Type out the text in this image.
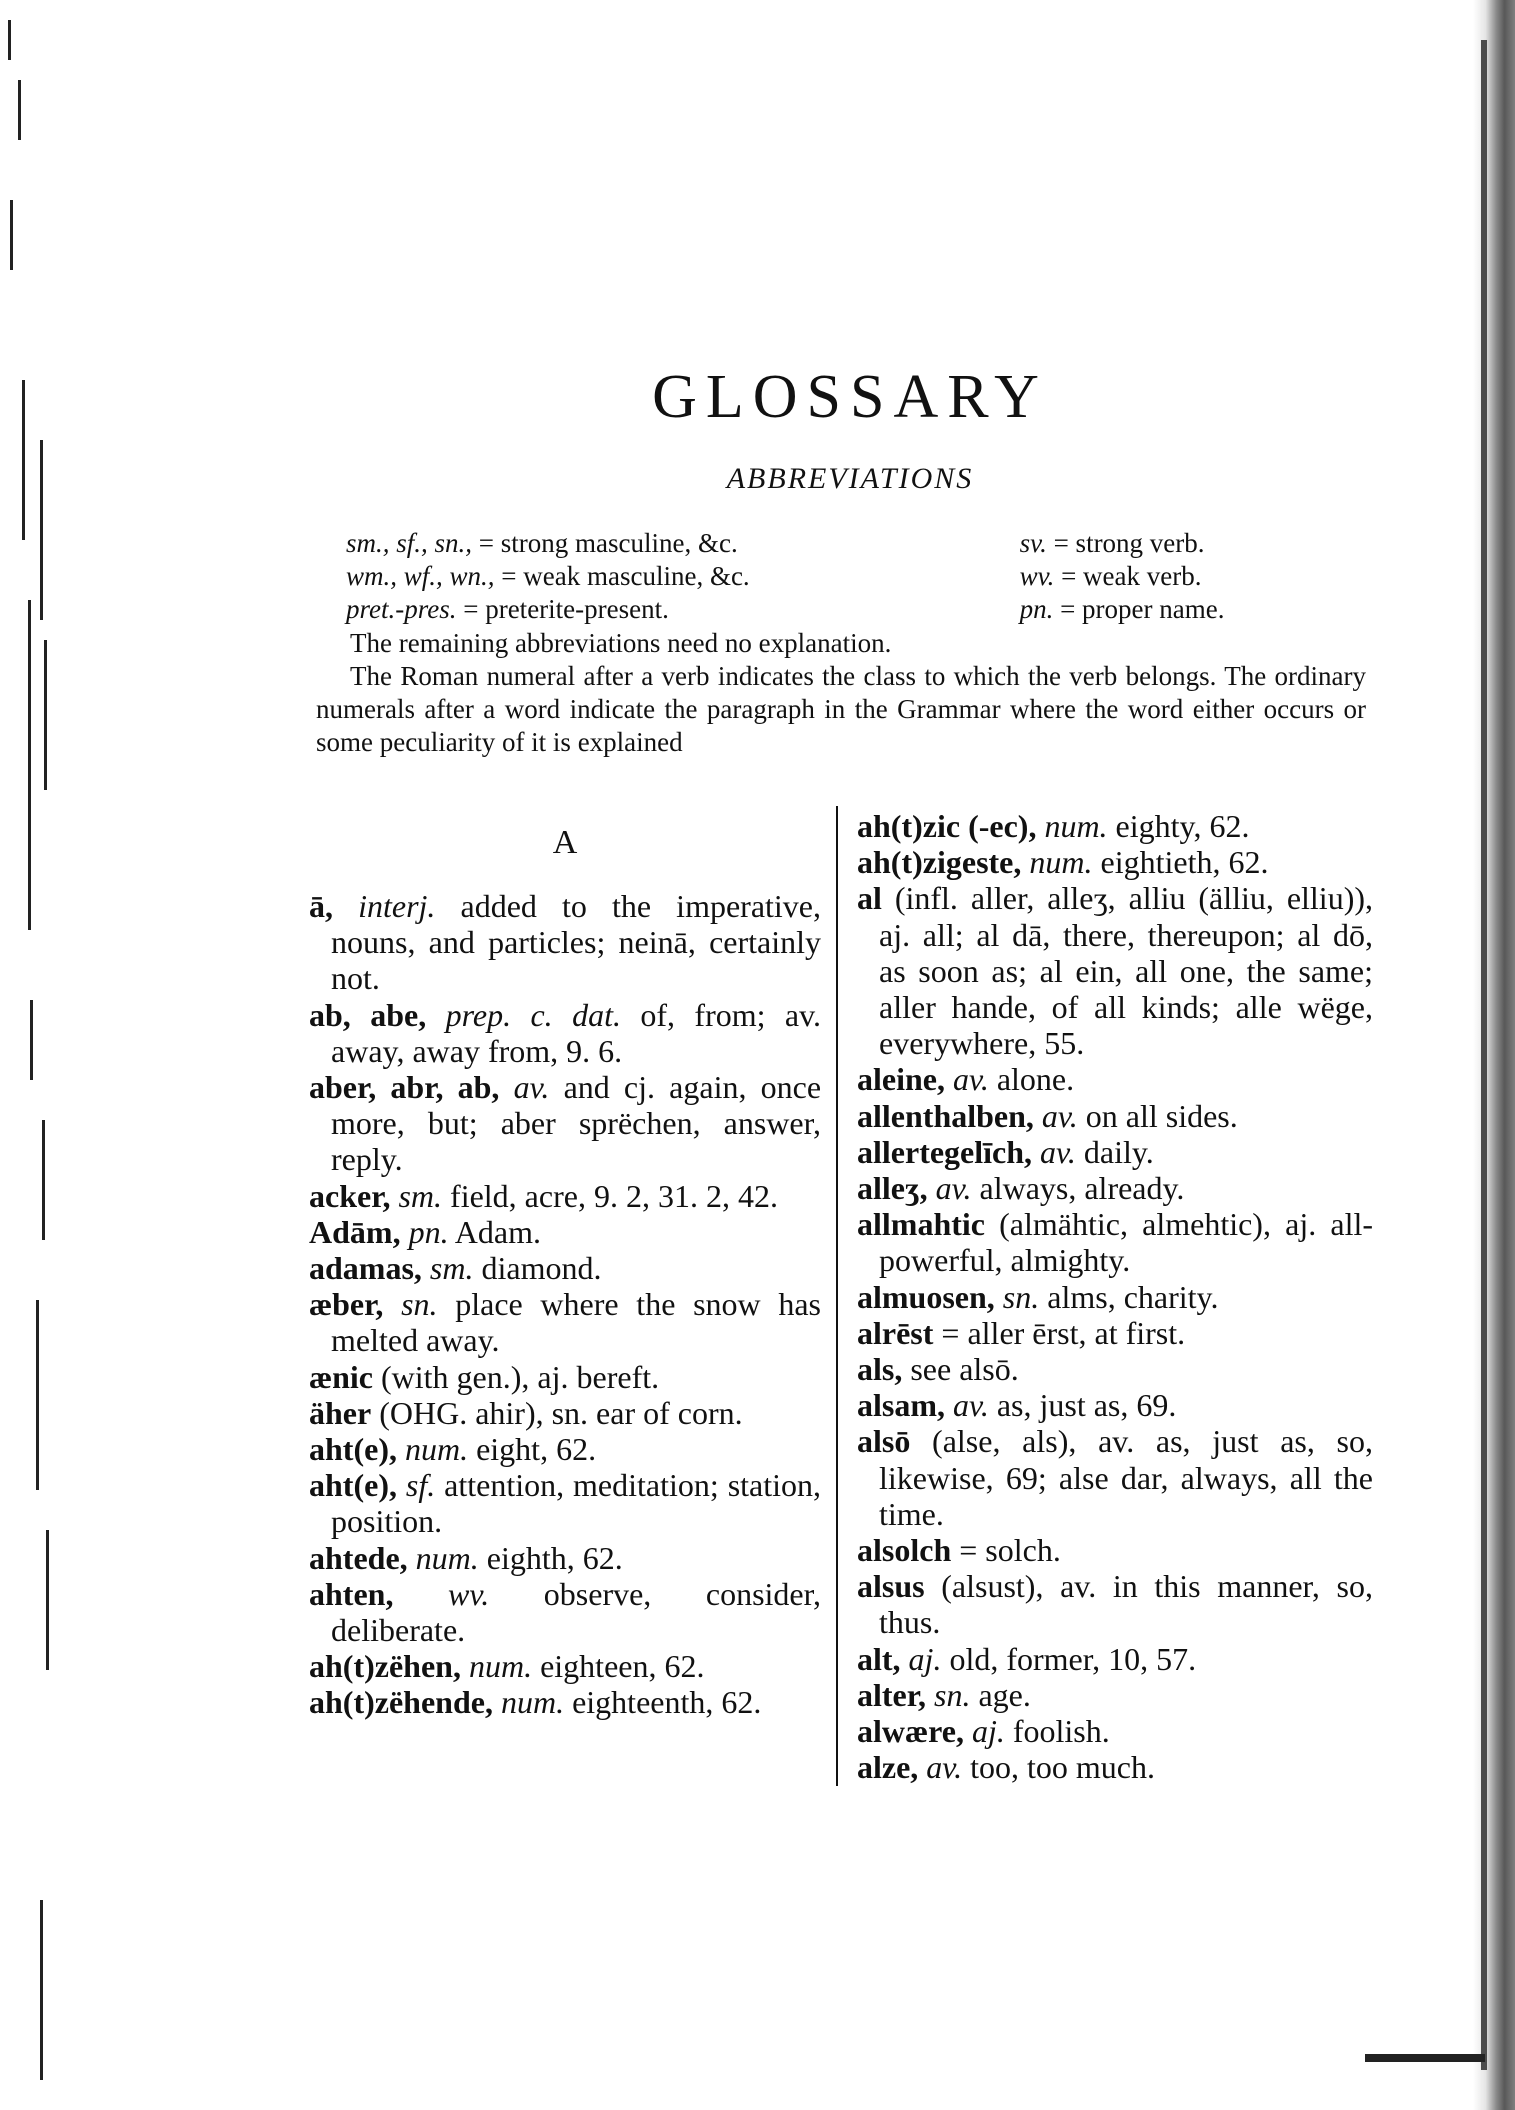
GLOSSARY
ABBREVIATIONS
sm., sf., sn., = strong masculine, &c.	sv. = strong verb.
wm., wf., wn., = weak masculine, &c.	wv. = weak verb.
pret.-pres. = preterite-present.	pn. = proper name.

The remaining abbreviations need no explanation.

The Roman numeral after a verb indicates the class to which the verb belongs. The ordinary numerals after a word indicate the paragraph in the Grammar where the word either occurs or some peculiarity of it is explained

A

ā, interj. added to the imperative, nouns, and particles; neinā, certainly not.

ab, abe, prep. c. dat. of, from; av. away, away from, 9. 6.

aber, abr, ab, av. and cj. again, once more, but; aber sprëchen, answer, reply.

acker, sm. field, acre, 9. 2, 31. 2, 42.

Adām, pn. Adam.

adamas, sm. diamond.

æber, sn. place where the snow has melted away.

ænic (with gen.), aj. bereft.

äher (OHG. ahir), sn. ear of corn.

aht(e), num. eight, 62.

aht(e), sf. attention, meditation; station, position.

ahtede, num. eighth, 62.

ahten, wv. observe, consider, deliberate.

ah(t)zëhen, num. eighteen, 62.

ah(t)zëhende, num. eighteenth, 62.

ah(t)zic (-ec), num. eighty, 62.

ah(t)zigeste, num. eightieth, 62.

al (infl. aller, alleʒ, alliu (älliu, elliu)), aj. all; al dā, there, thereupon; al dō, as soon as; al ein, all one, the same; aller hande, of all kinds; alle wëge, everywhere, 55.

aleine, av. alone.

allenthalben, av. on all sides.

allertegelīch, av. daily.

alleʒ, av. always, already.

allmahtic (almähtic, almehtic), aj. all-powerful, almighty.

almuosen, sn. alms, charity.

alrēst = aller ērst, at first.

als, see alsō.

alsam, av. as, just as, 69.

alsō (alse, als), av. as, just as, so, likewise, 69; alse dar, always, all the time.

alsolch = solch.

alsus (alsust), av. in this manner, so, thus.

alt, aj. old, former, 10, 57.

alter, sn. age.

alwære, aj. foolish.

alze, av. too, too much.
